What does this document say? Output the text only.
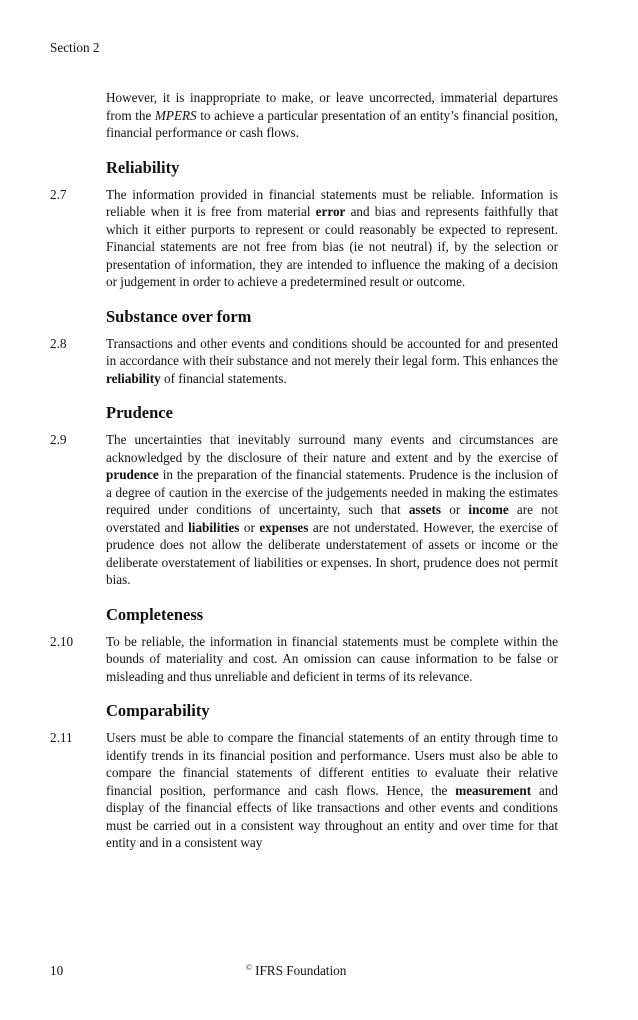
Section 2
However, it is inappropriate to make, or leave uncorrected, immaterial departures from the MPERS to achieve a particular presentation of an entity’s financial position, financial performance or cash flows.
Reliability
2.7	The information provided in financial statements must be reliable. Information is reliable when it is free from material error and bias and represents faithfully that which it either purports to represent or could reasonably be expected to represent. Financial statements are not free from bias (ie not neutral) if, by the selection or presentation of information, they are intended to influence the making of a decision or judgement in order to achieve a predetermined result or outcome.
Substance over form
2.8	Transactions and other events and conditions should be accounted for and presented in accordance with their substance and not merely their legal form. This enhances the reliability of financial statements.
Prudence
2.9	The uncertainties that inevitably surround many events and circumstances are acknowledged by the disclosure of their nature and extent and by the exercise of prudence in the preparation of the financial statements. Prudence is the inclusion of a degree of caution in the exercise of the judgements needed in making the estimates required under conditions of uncertainty, such that assets or income are not overstated and liabilities or expenses are not understated. However, the exercise of prudence does not allow the deliberate understatement of assets or income or the deliberate overstatement of liabilities or expenses. In short, prudence does not permit bias.
Completeness
2.10	To be reliable, the information in financial statements must be complete within the bounds of materiality and cost. An omission can cause information to be false or misleading and thus unreliable and deficient in terms of its relevance.
Comparability
2.11	Users must be able to compare the financial statements of an entity through time to identify trends in its financial position and performance. Users must also be able to compare the financial statements of different entities to evaluate their relative financial position, performance and cash flows. Hence, the measurement and display of the financial effects of like transactions and other events and conditions must be carried out in a consistent way throughout an entity and over time for that entity and in a consistent way
10	© IFRS Foundation
